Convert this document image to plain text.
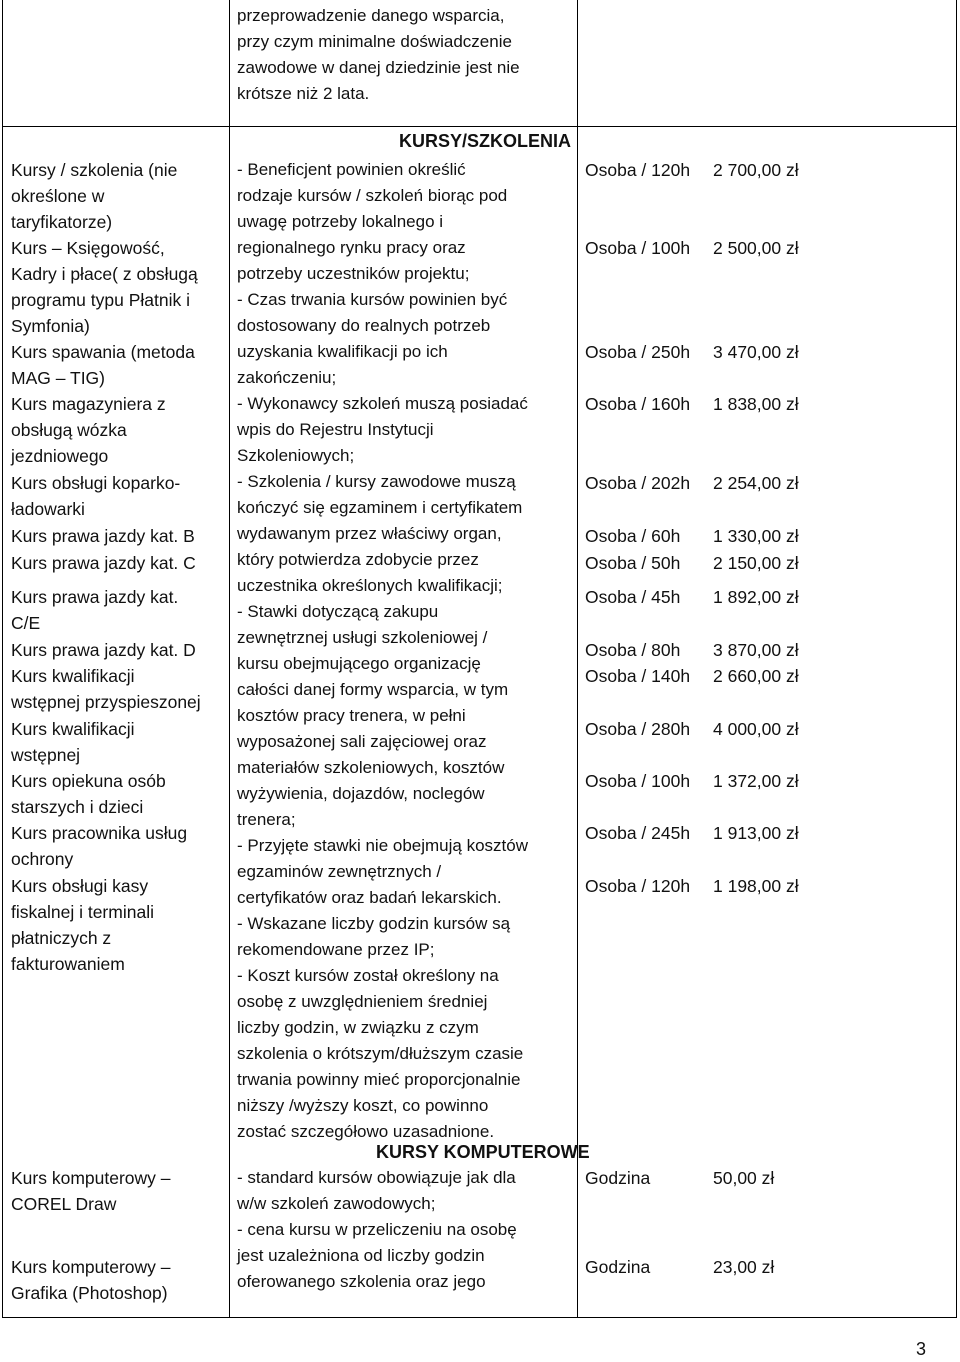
przeprowadzenie danego wsparcia,
przy czym minimalne doświadczenie
zawodowe w danej dziedzinie jest nie
krótsze niż 2 lata.
KURSY/SZKOLENIA
Kursy / szkolenia (nie
określone w
taryfikatorze)
Kurs – Księgowość,
Kadry i płace( z obsługą
programu typu Płatnik i
Symfonia)
Kurs spawania (metoda
MAG – TIG)
Kurs magazyniera z
obsługą wózka
jezdniowego
Kurs obsługi koparko-
ładowarki
Kurs prawa jazdy kat. B
Kurs prawa jazdy kat. C
Kurs prawa jazdy kat.
C/E
Kurs prawa jazdy kat. D
Kurs kwalifikacji
wstępnej przyspieszonej
Kurs kwalifikacji
wstępnej
Kurs opiekuna osób
starszych i dzieci
Kurs pracownika usług
ochrony
Kurs obsługi kasy
fiskalnej i terminali
płatniczych z
fakturowaniem
- Beneficjent powinien określić
rodzaje kursów / szkoleń biorąc pod
uwagę potrzeby lokalnego i
regionalnego rynku pracy oraz
potrzeby uczestników projektu;
- Czas trwania kursów powinien być
dostosowany do realnych potrzeb
uzyskania kwalifikacji po ich
zakończeniu;
- Wykonawcy szkoleń muszą posiadać
wpis do Rejestru Instytucji
Szkoleniowych;
- Szkolenia / kursy zawodowe muszą
kończyć się egzaminem i certyfikatem
wydawanym przez właściwy organ,
który potwierdza zdobycie przez
uczestnika określonych kwalifikacji;
- Stawki dotyczącą zakupu
zewnętrznej usługi szkoleniowej /
kursu obejmującego organizację
całości danej formy wsparcia, w tym
kosztów pracy trenera, w pełni
wyposażonej sali zajęciowej oraz
materiałów szkoleniowych, kosztów
wyżywienia, dojazdów, noclegów
trenera;
- Przyjęte stawki nie obejmują kosztów
egzaminów zewnętrznych /
certyfikatów oraz badań lekarskich.
- Wskazane liczby godzin kursów są
rekomendowane przez IP;
- Koszt kursów został określony na
osobę z uwzględnieniem średniej
liczby godzin, w związku z czym
szkolenia o krótszym/dłuższym czasie
trwania powinny mieć proporcjonalnie
niższy /wyższy koszt, co powinno
zostać szczegółowo uzasadnione.
Osoba / 120h
Osoba / 100h
Osoba / 250h
Osoba / 160h
Osoba / 202h
Osoba / 60h
Osoba / 50h
Osoba / 45h
Osoba / 80h
Osoba / 140h
Osoba / 280h
Osoba / 100h
Osoba / 245h
Osoba / 120h
2 700,00 zł
2 500,00 zł
3 470,00 zł
1 838,00 zł
2 254,00 zł
1 330,00 zł
2 150,00 zł
1 892,00 zł
3 870,00 zł
2 660,00 zł
4 000,00 zł
1 372,00 zł
1 913,00 zł
1 198,00 zł
KURSY KOMPUTEROWE
Kurs komputerowy –
COREL Draw
Kurs komputerowy –
Grafika (Photoshop)
- standard kursów obowiązuje jak dla
w/w szkoleń zawodowych;
- cena kursu w przeliczeniu na osobę
jest uzależniona od liczby godzin
oferowanego szkolenia oraz jego
Godzina
Godzina
50,00 zł
23,00 zł
3
